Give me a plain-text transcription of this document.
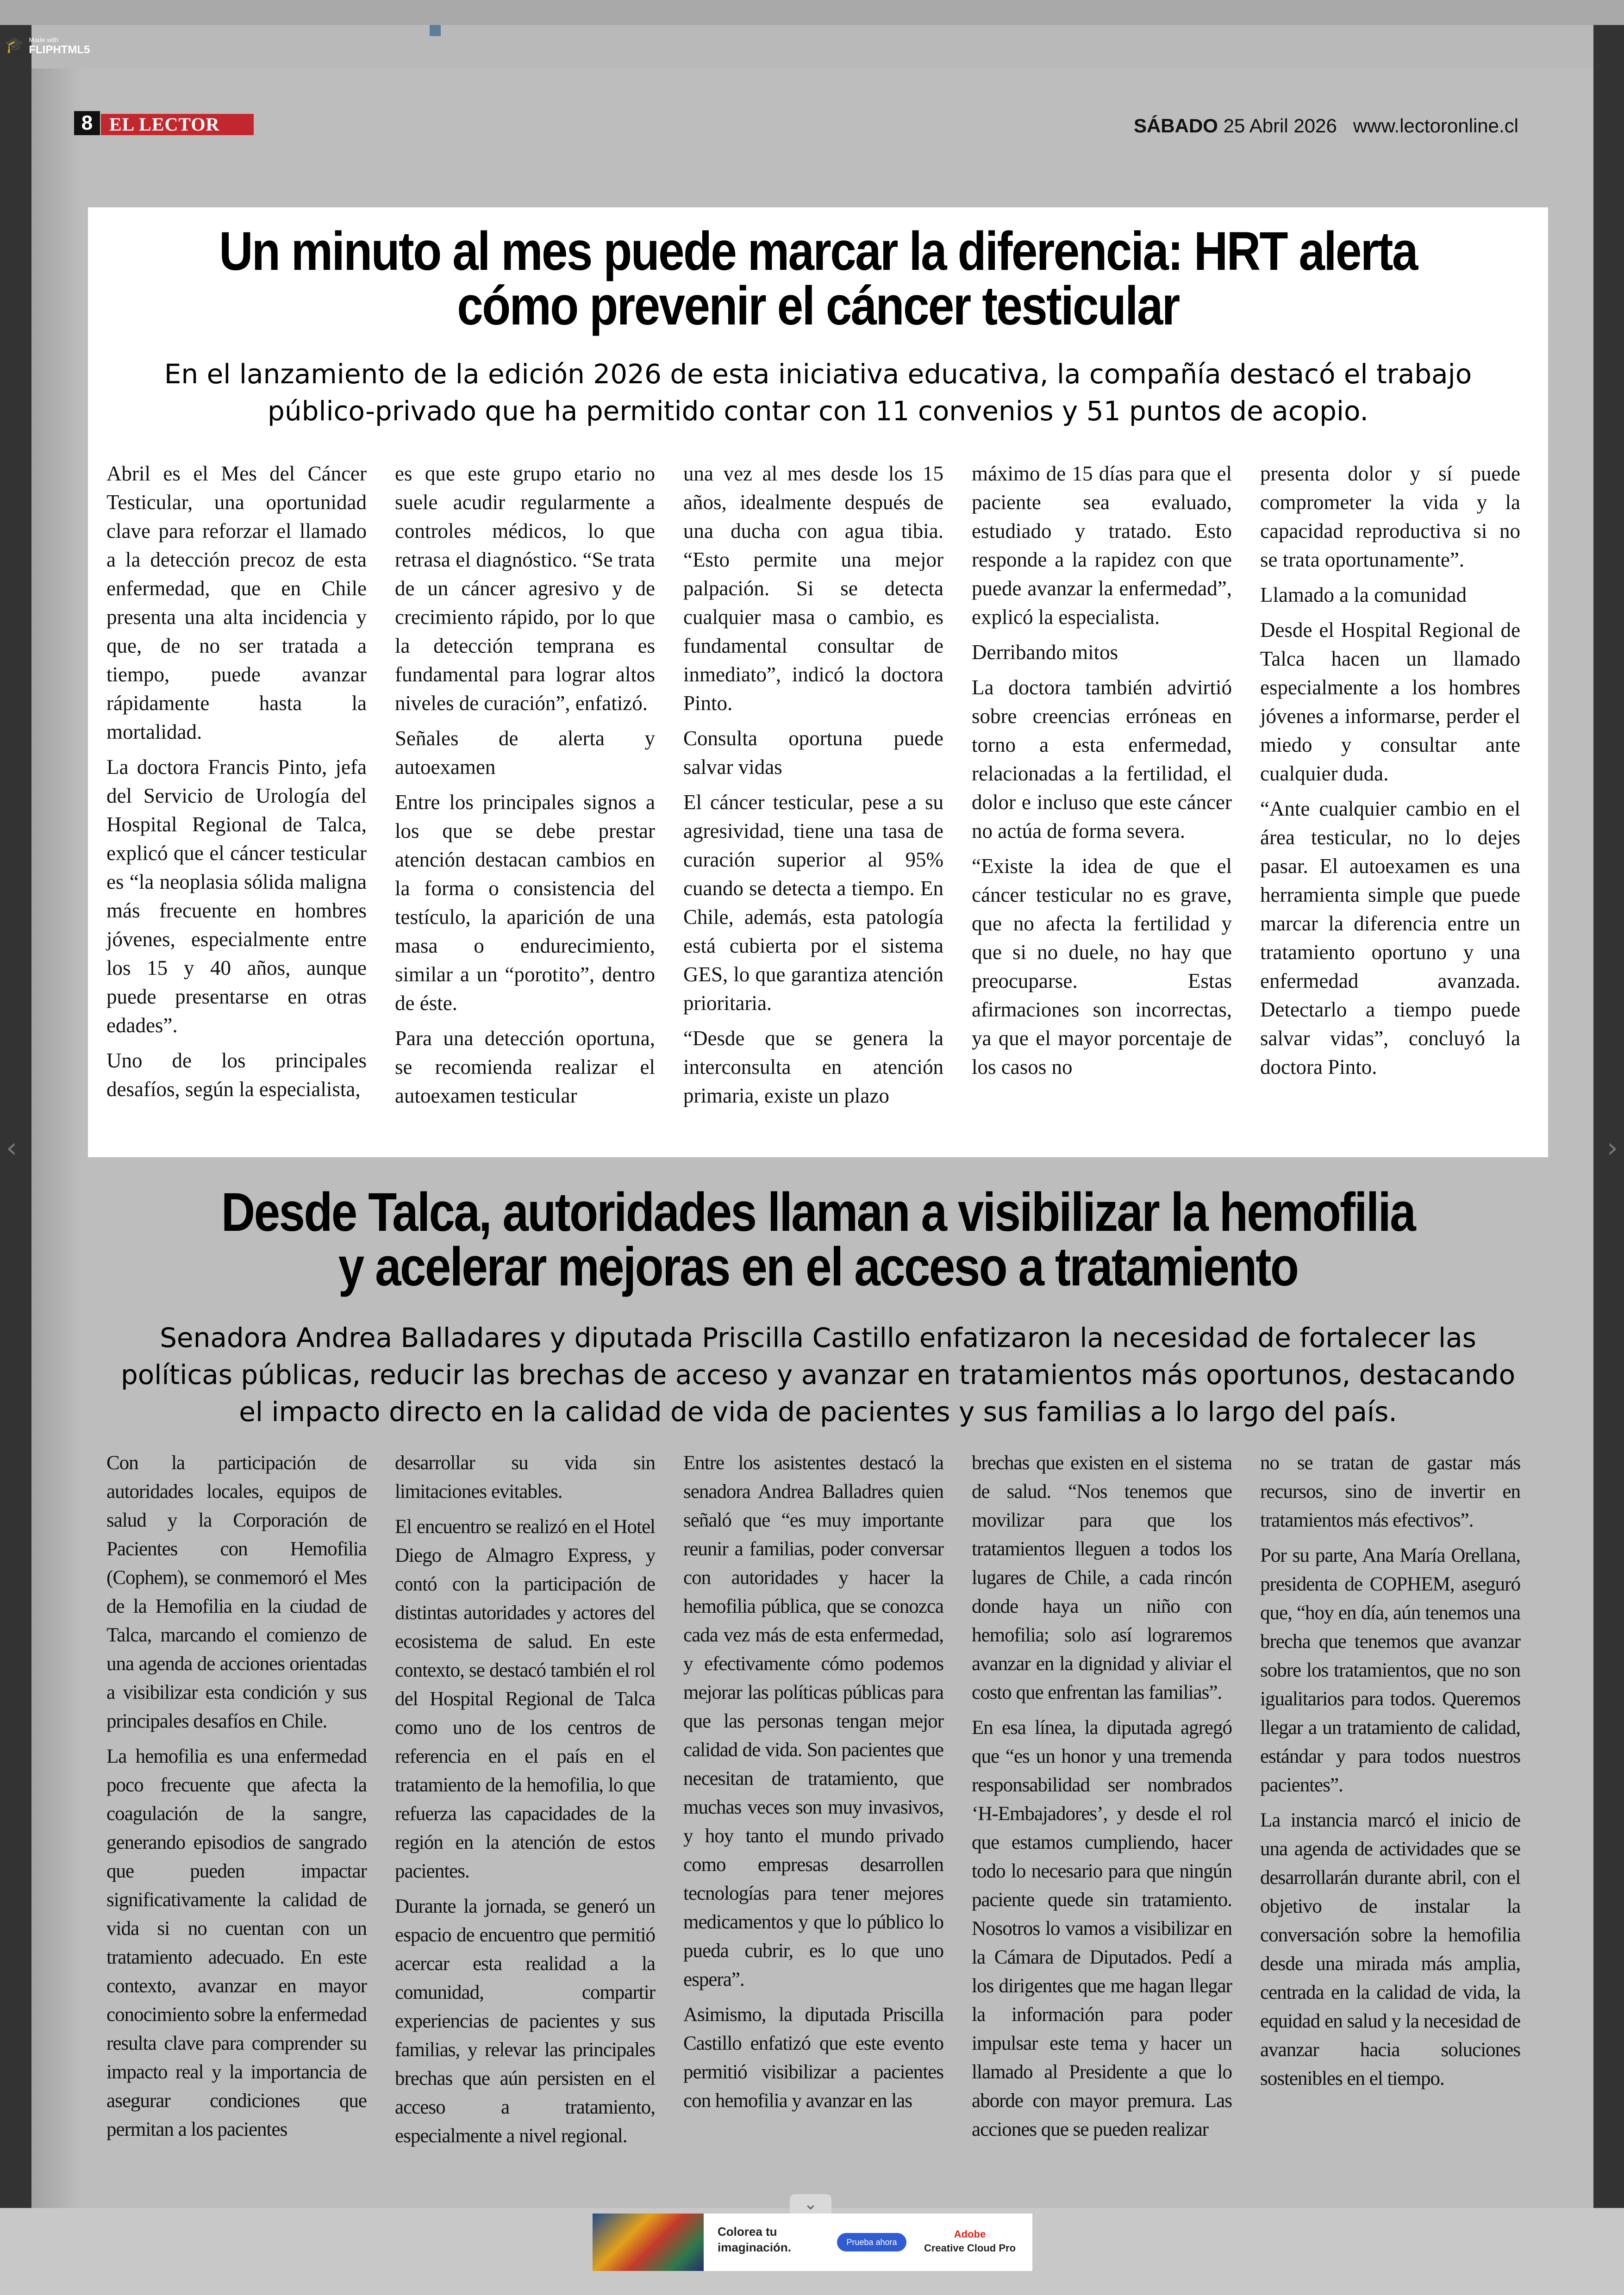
🎓 Made with
FLIPHTML5
8 EL LECTOR	SÁBADO 25 Abril 2026 www.lectoronline.cl
Un minuto al mes puede marcar la diferencia: HRT alerta
cómo prevenir el cáncer testicular
En el lanzamiento de la edición 2026 de esta iniciativa educativa, la compañía destacó el trabajo
público-privado que ha permitido contar con 11 convenios y 51 puntos de acopio.

Abril es el Mes del Cáncer Testicular, una oportunidad clave para reforzar el llamado a la detección precoz de esta enfermedad, que en Chile presenta una alta incidencia y que, de no ser tratada a tiempo, puede avanzar rápidamente hasta la mortalidad.

La doctora Francis Pinto, jefa del Servicio de Urología del Hospital Regional de Talca, explicó que el cáncer testicular es “la neoplasia sólida maligna más frecuente en hombres jóvenes, especialmente entre los 15 y 40 años, aunque puede presentarse en otras edades”.

Uno de los principales desafíos, según la especialista,

es que este grupo etario no suele acudir regularmente a controles médicos, lo que retrasa el diagnóstico. “Se trata de un cáncer agresivo y de crecimiento rápido, por lo que la detección temprana es fundamental para lograr altos niveles de curación”, enfatizó.

Señales de alerta y autoexamen

Entre los principales signos a los que se debe prestar atención destacan cambios en la forma o consistencia del testículo, la aparición de una masa o endurecimiento, similar a un “porotito”, dentro de éste.

Para una detección oportuna, se recomienda realizar el autoexamen testicular

una vez al mes desde los 15 años, idealmente después de una ducha con agua tibia. “Esto permite una mejor palpación. Si se detecta cualquier masa o cambio, es fundamental consultar de inmediato”, indicó la doctora Pinto.

Consulta oportuna puede salvar vidas

El cáncer testicular, pese a su agresividad, tiene una tasa de curación superior al 95% cuando se detecta a tiempo. En Chile, además, esta patología está cubierta por el sistema GES, lo que garantiza atención prioritaria.

“Desde que se genera la interconsulta en atención primaria, existe un plazo

máximo de 15 días para que el paciente sea evaluado, estudiado y tratado. Esto responde a la rapidez con que puede avanzar la enfermedad”, explicó la especialista.

Derribando mitos

La doctora también advirtió sobre creencias erróneas en torno a esta enfermedad, relacionadas a la fertilidad, el dolor e incluso que este cáncer no actúa de forma severa.

“Existe la idea de que el cáncer testicular no es grave, que no afecta la fertilidad y que si no duele, no hay que preocuparse. Estas afirmaciones son incorrectas, ya que el mayor porcentaje de los casos no

presenta dolor y sí puede comprometer la vida y la capacidad reproductiva si no se trata oportunamente”.

Llamado a la comunidad

Desde el Hospital Regional de Talca hacen un llamado especialmente a los hombres jóvenes a informarse, perder el miedo y consultar ante cualquier duda.

“Ante cualquier cambio en el área testicular, no lo dejes pasar. El autoexamen es una herramienta simple que puede marcar la diferencia entre un tratamiento oportuno y una enfermedad avanzada. Detectarlo a tiempo puede salvar vidas”, concluyó la doctora Pinto.

Desde Talca, autoridades llaman a visibilizar la hemofilia
y acelerar mejoras en el acceso a tratamiento
Senadora Andrea Balladares y diputada Priscilla Castillo enfatizaron la necesidad de fortalecer las
políticas públicas, reducir las brechas de acceso y avanzar en tratamientos más oportunos, destacando
el impacto directo en la calidad de vida de pacientes y sus familias a lo largo del país.

Con la participación de autoridades locales, equipos de salud y la Corporación de Pacientes con Hemofilia (Cophem), se conmemoró el Mes de la Hemofilia en la ciudad de Talca, marcando el comienzo de una agenda de acciones orientadas a visibilizar esta condición y sus principales desafíos en Chile.

La hemofilia es una enfermedad poco frecuente que afecta la coagulación de la sangre, generando episodios de sangrado que pueden impactar significativamente la calidad de vida si no cuentan con un tratamiento adecuado. En este contexto, avanzar en mayor conocimiento sobre la enfermedad resulta clave para comprender su impacto real y la importancia de asegurar condiciones que permitan a los pacientes

desarrollar su vida sin limitaciones evitables.

El encuentro se realizó en el Hotel Diego de Almagro Express, y contó con la participación de distintas autoridades y actores del ecosistema de salud. En este contexto, se destacó también el rol del Hospital Regional de Talca como uno de los centros de referencia en el país en el tratamiento de la hemofilia, lo que refuerza las capacidades de la región en la atención de estos pacientes.

Durante la jornada, se generó un espacio de encuentro que permitió acercar esta realidad a la comunidad, compartir experiencias de pacientes y sus familias, y relevar las principales brechas que aún persisten en el acceso a tratamiento, especialmente a nivel regional.

Entre los asistentes destacó la senadora Andrea Balladres quien señaló que “es muy importante reunir a familias, poder conversar con autoridades y hacer la hemofilia pública, que se conozca cada vez más de esta enfermedad, y efectivamente cómo podemos mejorar las políticas públicas para que las personas tengan mejor calidad de vida. Son pacientes que necesitan de tratamiento, que muchas veces son muy invasivos, y hoy tanto el mundo privado como empresas desarrollen tecnologías para tener mejores medicamentos y que lo público lo pueda cubrir, es lo que uno espera”.

Asimismo, la diputada Priscilla Castillo enfatizó que este evento permitió visibilizar a pacientes con hemofilia y avanzar en las

brechas que existen en el sistema de salud. “Nos tenemos que movilizar para que los tratamientos lleguen a todos los lugares de Chile, a cada rincón donde haya un niño con hemofilia; solo así lograremos avanzar en la dignidad y aliviar el costo que enfrentan las familias”.

En esa línea, la diputada agregó que “es un honor y una tremenda responsabilidad ser nombrados ‘H-Embajadores’, y desde el rol que estamos cumpliendo, hacer todo lo necesario para que ningún paciente quede sin tratamiento. Nosotros lo vamos a visibilizar en la Cámara de Diputados. Pedí a los dirigentes que me hagan llegar la información para poder impulsar este tema y hacer un llamado al Presidente a que lo aborde con mayor premura. Las acciones que se pueden realizar

no se tratan de gastar más recursos, sino de invertir en tratamientos más efectivos”.

Por su parte, Ana María Orellana, presidenta de COPHEM, aseguró que, “hoy en día, aún tenemos una brecha que tenemos que avanzar sobre los tratamientos, que no son igualitarios para todos. Queremos llegar a un tratamiento de calidad, estándar y para todos nuestros pacientes”.

La instancia marcó el inicio de una agenda de actividades que se desarrollarán durante abril, con el objetivo de instalar la conversación sobre la hemofilia desde una mirada más amplia, centrada en la calidad de vida, la equidad en salud y la necesidad de avanzar hacia soluciones sostenibles en el tiempo.

‹	›
⌄
Colorea tu
imaginación.	Prueba ahora
Adobe
Creative Cloud Pro
